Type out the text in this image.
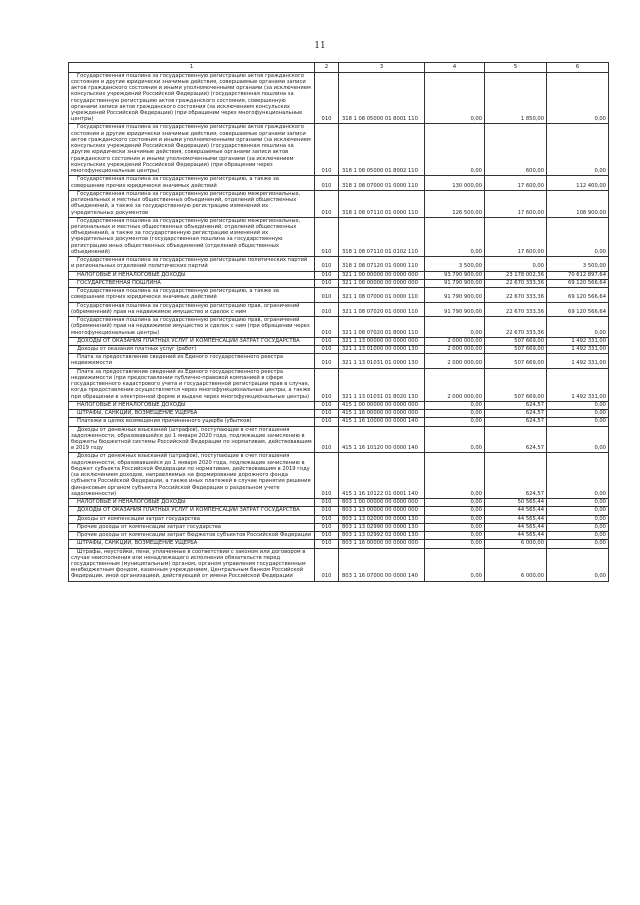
11
1	2	3	4	5	6
Государственная пошлина за государственную регистрацию актов гражданского состояния и другие юридически значимые действия, совершаемые органами записи актов гражданского состояния и иными уполномоченными органами (за исключением консульских учреждений Российской Федерации) (государственная пошлина за государственную регистрацию актов гражданского состояния, совершенную органами записи актов гражданского состояния (за исключением консульских учреждений Российской Федерации) (при обращении через многофункциональные центры)	010	318 1 08 05000 01 8001 110	0,00	1 850,00	0,00
Государственная пошлина за государственную регистрацию актов гражданского состояния и другие юридически значимые действия, совершаемые органами записи актов гражданского состояния и иными уполномоченными органами (за исключением консульских учреждений Российской Федерации) (государственная пошлина за другие юридически значимые действия, совершаемые органами записи актов гражданского состояния и иными уполномоченными органами (за исключением консульских учреждений Российской Федерации) (при обращении через многофункциональные центры)	010	318 1 08 05000 01 8002 110	0,00	600,00	0,00
Государственная пошлина за государственную регистрацию, а также за совершение прочих юридически значимых действий	010	318 1 08 07000 01 0000 110	130 000,00	17 600,00	112 400,00
Государственная пошлина за государственную регистрацию межрегиональных, региональных и местных общественных объединений, отделений общественных объединений, а также за государственную регистрацию изменений их учредительных документов	010	318 1 08 07110 01 0000 110	126 500,00	17 600,00	108 900,00
Государственная пошлина за государственную регистрацию межрегиональных, региональных и местных общественных объединений, отделений общественных объединений, а также за государственную регистрацию изменений их учредительных документов (государственная пошлина за государственную регистрацию иных общественных объединений (отделений общественных объединений)	010	318 1 08 07110 01 0102 110	0,00	17 600,00	0,00
Государственная пошлина за государственную регистрацию политических партий и региональных отделений политических партий	010	318 1 08 07120 01 0000 110	3 500,00	0,00	3 500,00
НАЛОГОВЫЕ И НЕНАЛОГОВЫЕ ДОХОДЫ	010	321 1 00 00000 00 0000 000	93 790 900,00	23 178 002,36	70 612 897,64
ГОСУДАРСТВЕННАЯ ПОШЛИНА	010	321 1 08 00000 00 0000 000	91 790 900,00	22 670 333,36	69 120 566,64
Государственная пошлина за государственную регистрацию, а также за совершение прочих юридически значимых действий	010	321 1 08 07000 01 0000 110	91 790 900,00	22 670 333,36	69 120 566,64
Государственная пошлина за государственную регистрацию прав, ограничений (обременений) прав на недвижимое имущество и сделок с ним	010	321 1 08 07020 01 0000 110	91 790 900,00	22 670 333,36	69 120 566,64
Государственная пошлина за государственную регистрацию прав, ограничений (обременений) прав на недвижимое имущество и сделок с ним (при обращении через многофункциональные центры)	010	321 1 08 07020 01 8000 110	0,00	22 670 333,36	0,00
ДОХОДЫ ОТ ОКАЗАНИЯ ПЛАТНЫХ УСЛУГ И КОМПЕНСАЦИИ ЗАТРАТ ГОСУДАРСТВА	010	321 1 13 00000 00 0000 000	2 000 000,00	507 669,00	1 492 331,00
Доходы от оказания платных услуг (работ)	010	321 1 13 01000 00 0000 130	2 000 000,00	507 669,00	1 492 331,00
Плата за предоставление сведений из Единого государственного реестра недвижимости	010	321 1 13 01031 01 0000 130	2 000 000,00	507 669,00	1 492 331,00
Плата за предоставление сведений из Единого государственного реестра недвижимости (при предоставлении публично-правовой компанией в сфере государственного кадастрового учета и государственной регистрации прав в случае, когда предоставление осуществляется через многофункциональные центры, а также при обращении в электронной форме и выдаче через многофункциональные центры)	010	321 1 13 01031 01 8020 130	2 000 000,00	507 669,00	1 492 331,00
НАЛОГОВЫЕ И НЕНАЛОГОВЫЕ ДОХОДЫ	010	415 1 00 00000 00 0000 000	0,00	624,57	0,00
ШТРАФЫ, САНКЦИИ, ВОЗМЕЩЕНИЕ УЩЕРБА	010	415 1 16 00000 00 0000 000	0,00	624,57	0,00
Платежи в целях возмещения причиненного ущерба (убытков)	010	415 1 16 10000 00 0000 140	0,00	624,57	0,00
Доходы от денежных взысканий (штрафов), поступающие в счет погашения задолженности, образовавшейся до 1 января 2020 года, подлежащие зачислению в бюджеты бюджетной системы Российской Федерации по нормативам, действовавшим в 2019 году	010	415 1 16 10120 00 0000 140	0,00	624,57	0,00
Доходы от денежных взысканий (штрафов), поступающие в счет погашения задолженности, образовавшейся до 1 января 2020 года, подлежащие зачислению в бюджет субъекта Российской Федерации по нормативам, действовавшим в 2019 году (за исключением доходов, направляемых на формирование дорожного фонда субъекта Российской Федерации, а также иных платежей в случае принятия решения финансовым органом субъекта Российской Федерации о раздельном учете задолженности)	010	415 1 16 10122 01 0001 140	0,00	624,57	0,00
НАЛОГОВЫЕ И НЕНАЛОГОВЫЕ ДОХОДЫ	010	803 1 00 00000 00 0000 000	0,00	50 565,44	0,00
ДОХОДЫ ОТ ОКАЗАНИЯ ПЛАТНЫХ УСЛУГ И КОМПЕНСАЦИИ ЗАТРАТ ГОСУДАРСТВА	010	803 1 13 00000 00 0000 000	0,00	44 565,44	0,00
Доходы от компенсации затрат государства	010	803 1 13 02000 00 0000 130	0,00	44 565,44	0,00
Прочие доходы от компенсации затрат государства	010	803 1 13 02990 00 0000 130	0,00	44 565,44	0,00
Прочие доходы от компенсации затрат бюджетов субъектов Российской Федерации	010	803 1 13 02992 02 0000 130	0,00	44 565,44	0,00
ШТРАФЫ, САНКЦИИ, ВОЗМЕЩЕНИЕ УЩЕРБА	010	803 1 16 00000 00 0000 000	0,00	6 000,00	0,00
Штрафы, неустойки, пени, уплаченные в соответствии с законом или договором в случае неисполнения или ненадлежащего исполнения обязательств перед государственным (муниципальным) органом, органом управления государственным внебюджетным фондом, казенным учреждением, Центральным банком Российской Федерации, иной организацией, действующей от имени Российской Федерации	010	803 1 16 07000 00 0000 140	0,00	6 000,00	0,00
